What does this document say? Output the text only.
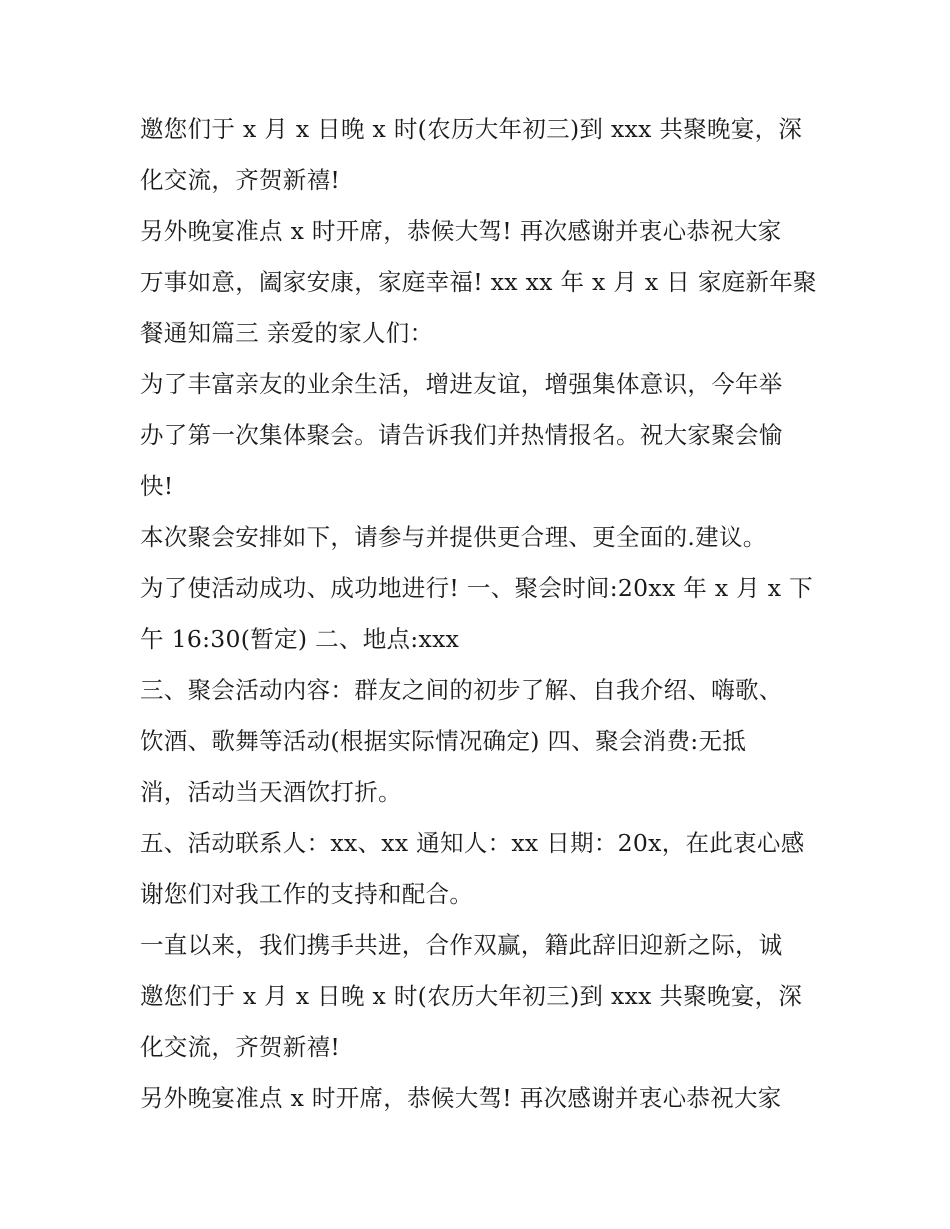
邀您们于 x 月 x 日晚 x 时(农历大年初三)到 xxx 共聚晚宴，深
化交流，齐贺新禧!
另外晚宴准点 x 时开席，恭候大驾! 再次感谢并衷心恭祝大家
万事如意，阖家安康，家庭幸福! xx xx 年 x 月 x 日 家庭新年聚
餐通知篇三 亲爱的家人们：
为了丰富亲友的业余生活，增进友谊，增强集体意识，今年举
办了第一次集体聚会。请告诉我们并热情报名。祝大家聚会愉
快!
本次聚会安排如下，请参与并提供更合理、更全面的.建议。
为了使活动成功、成功地进行! 一、聚会时间:20xx 年 x 月 x 下
午 16:30(暂定) 二、地点:xxx
三、聚会活动内容：群友之间的初步了解、自我介绍、嗨歌、
饮酒、歌舞等活动(根据实际情况确定) 四、聚会消费:无抵
消，活动当天酒饮打折。
五、活动联系人：xx、xx 通知人：xx 日期：20x，在此衷心感
谢您们对我工作的支持和配合。
一直以来，我们携手共进，合作双赢，籍此辞旧迎新之际，诚
邀您们于 x 月 x 日晚 x 时(农历大年初三)到 xxx 共聚晚宴，深
化交流，齐贺新禧!
另外晚宴准点 x 时开席，恭候大驾! 再次感谢并衷心恭祝大家
